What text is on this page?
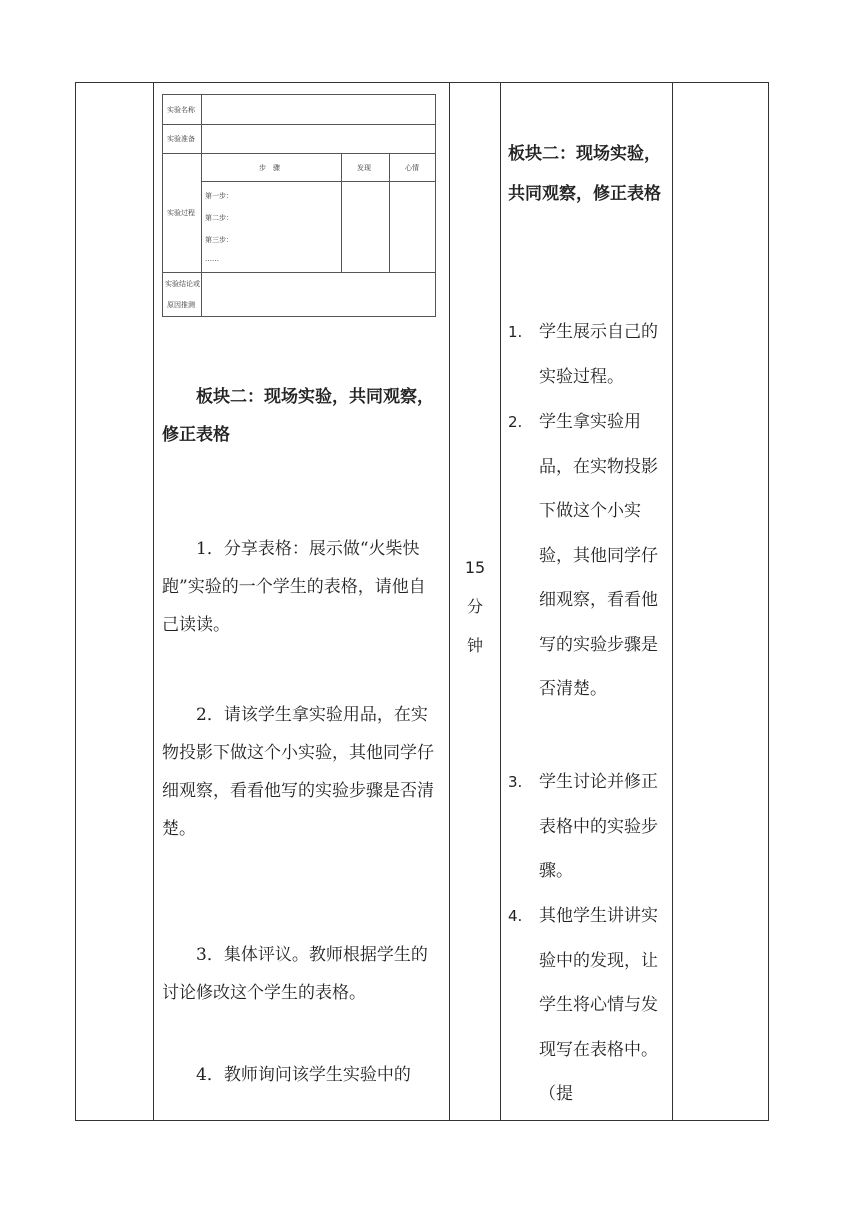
实验名称
实验准备
实验过程
实验结论或
原因推测
步　骤	发现	心情
第一步：
第二步：
第三步：
……

板块二：现场实验，共同观察，修正表格

1．分享表格：展示做“火柴快跑”实验的一个学生的表格，请他自己读读。

2．请该学生拿实验用品，在实物投影下做这个小实验，其他同学仔细观察，看看他写的实验步骤是否清楚。

3．集体评议。教师根据学生的讨论修改这个学生的表格。

4．教师询问该学生实验中的

15
分
钟
板块二：现场实验，共同观察，修正表格
1. 学生展示自己的实验过程。
2. 学生拿实验用品，在实物投影下做这个小实验，其他同学仔细观察，看看他写的实验步骤是否清楚。
3. 学生讨论并修正表格中的实验步骤。
4. 其他学生讲讲实验中的发现，让学生将心情与发现写在表格中。（提
